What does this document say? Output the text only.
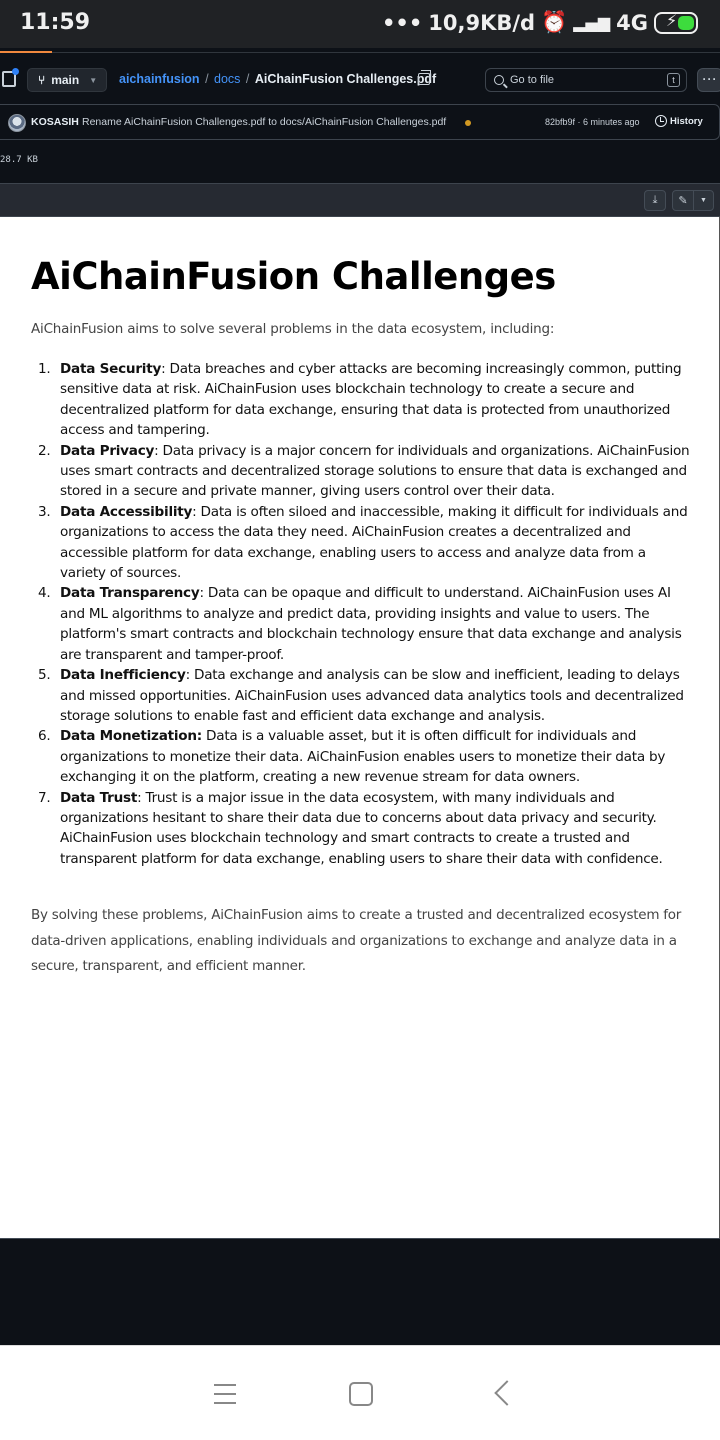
11:59	••• 10,9KB/d ⏰ ▂▄▆ 4G ⚡
⑂ main ▼ aichainfusion / docs / AiChainFusion Challenges.pdf	Go to file	t	···
KOSASIH Rename AiChainFusion Challenges.pdf to docs/AiChainFusion Challenges.pdf	82bfb9f · 6 minutes ago	History
28.7 KB
⤓ ✎ ▼
AiChainFusion Challenges

AiChainFusion aims to solve several problems in the data ecosystem, including:

1. Data Security: Data breaches and cyber attacks are becoming increasingly common, putting sensitive data at risk. AiChainFusion uses blockchain technology to create a secure and decentralized platform for data exchange, ensuring that data is protected from unauthorized access and tampering.
2. Data Privacy: Data privacy is a major concern for individuals and organizations. AiChainFusion uses smart contracts and decentralized storage solutions to ensure that data is exchanged and stored in a secure and private manner, giving users control over their data.
3. Data Accessibility: Data is often siloed and inaccessible, making it difficult for individuals and organizations to access the data they need. AiChainFusion creates a decentralized and accessible platform for data exchange, enabling users to access and analyze data from a variety of sources.
4. Data Transparency: Data can be opaque and difficult to understand. AiChainFusion uses AI and ML algorithms to analyze and predict data, providing insights and value to users. The platform's smart contracts and blockchain technology ensure that data exchange and analysis are transparent and tamper-proof.
5. Data Inefficiency: Data exchange and analysis can be slow and inefficient, leading to delays and missed opportunities. AiChainFusion uses advanced data analytics tools and decentralized storage solutions to enable fast and efficient data exchange and analysis.
6. Data Monetization: Data is a valuable asset, but it is often difficult for individuals and organizations to monetize their data. AiChainFusion enables users to monetize their data by exchanging it on the platform, creating a new revenue stream for data owners.
7. Data Trust: Trust is a major issue in the data ecosystem, with many individuals and organizations hesitant to share their data due to concerns about data privacy and security. AiChainFusion uses blockchain technology and smart contracts to create a trusted and transparent platform for data exchange, enabling users to share their data with confidence.

By solving these problems, AiChainFusion aims to create a trusted and decentralized ecosystem for data-driven applications, enabling individuals and organizations to exchange and analyze data in a secure, transparent, and efficient manner.
